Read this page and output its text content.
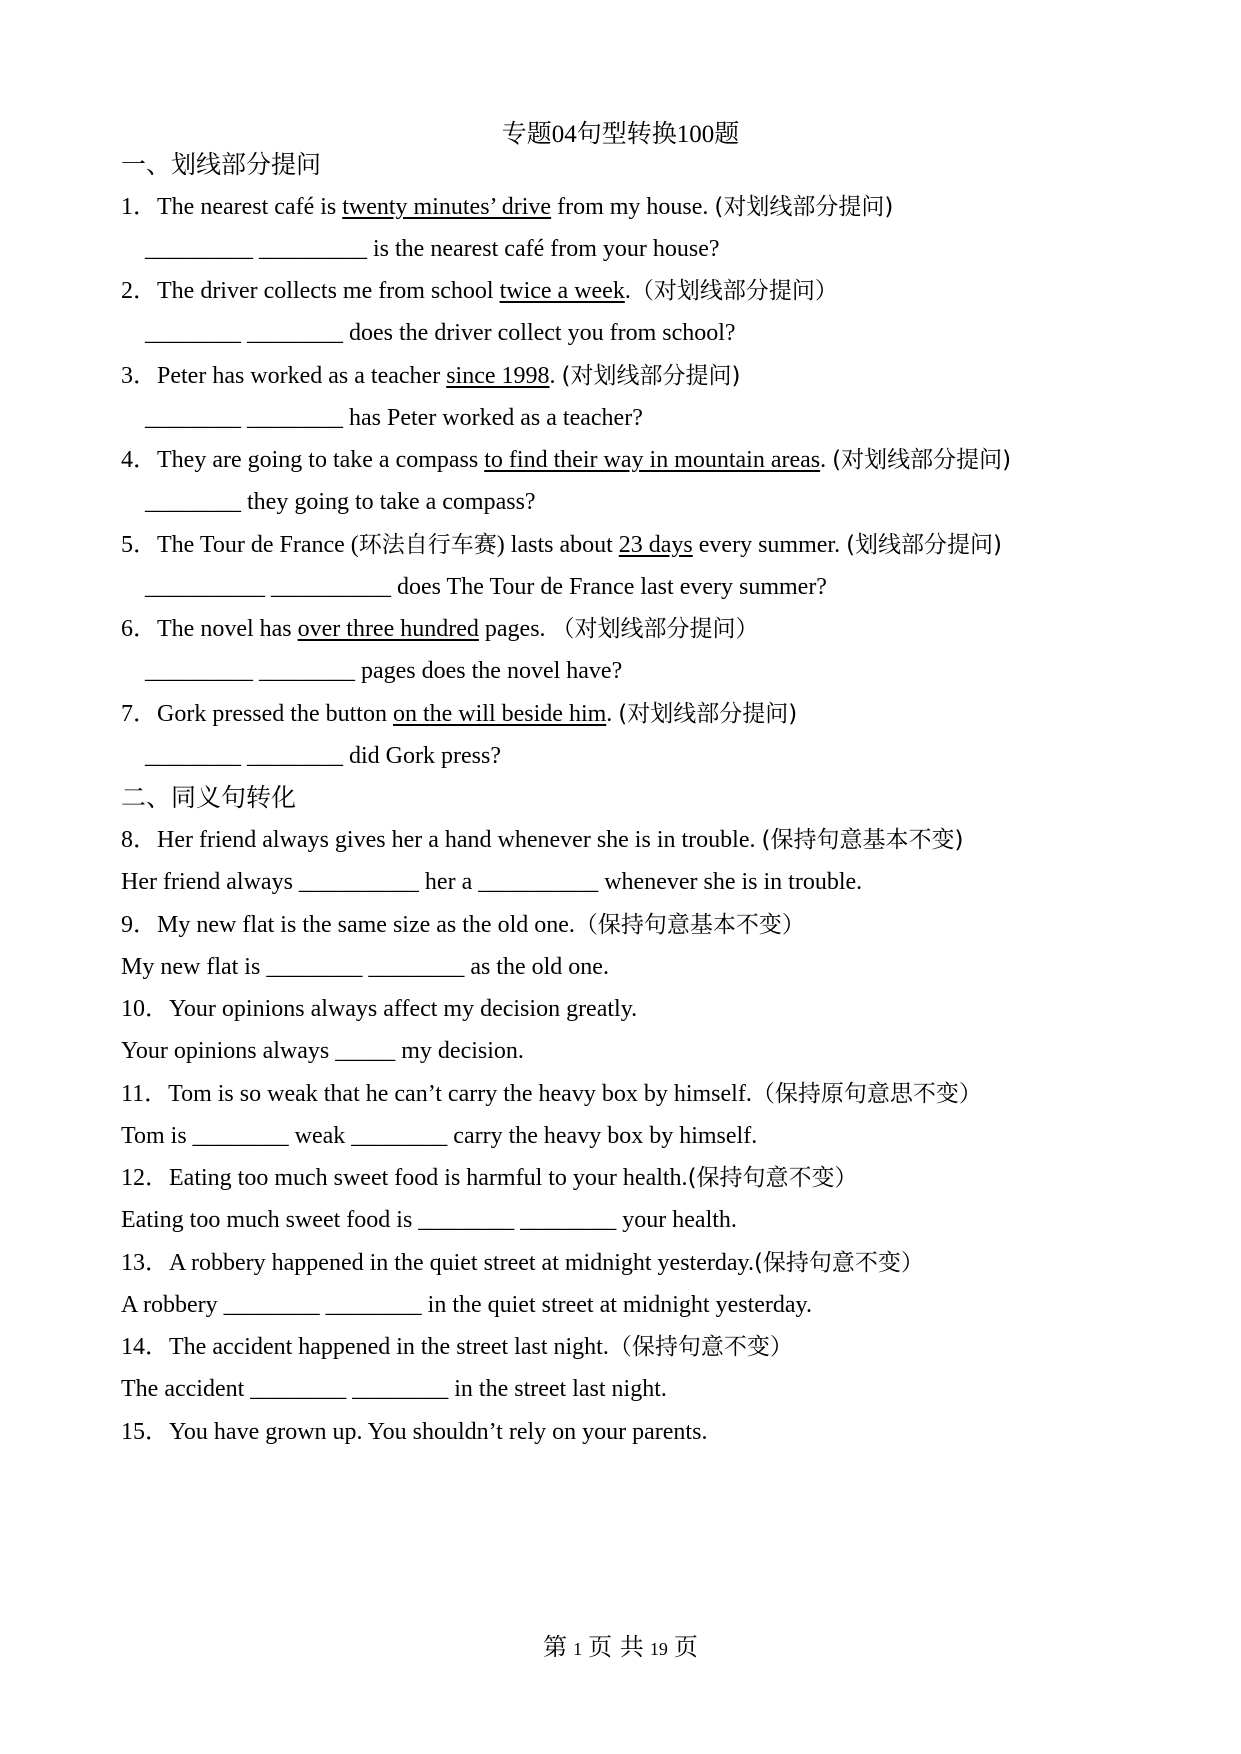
专题04句型转换100题
一、划线部分提问
1．The nearest café is twenty minutes’ drive from my house. (对划线部分提问)
_________ _________ is the nearest café from your house?
2．The driver collects me from school twice a week.（对划线部分提问）
________ ________ does the driver collect you from school?
3．Peter has worked as a teacher since 1998. (对划线部分提问)
________ ________ has Peter worked as a teacher?
4．They are going to take a compass to find their way in mountain areas. (对划线部分提问)
________ they going to take a compass?
5．The Tour de France (环法自行车赛) lasts about 23 days every summer. (划线部分提问)
__________ __________ does The Tour de France last every summer?
6．The novel has over three hundred pages. （对划线部分提问）
_________ ________ pages does the novel have?
7．Gork pressed the button on the will beside him. (对划线部分提问)
________ ________ did Gork press?
二、同义句转化
8．Her friend always gives her a hand whenever she is in trouble. (保持句意基本不变)
Her friend always __________ her a __________ whenever she is in trouble.
9．My new flat is the same size as the old one.（保持句意基本不变）
My new flat is ________ ________ as the old one.
10．Your opinions always affect my decision greatly.
Your opinions always _____ my decision.
11．Tom is so weak that he can’t carry the heavy box by himself.（保持原句意思不变）
Tom is ________ weak ________ carry the heavy box by himself.
12．Eating too much sweet food is harmful to your health.(保持句意不变）
Eating too much sweet food is ________ ________ your health.
13．A robbery happened in the quiet street at midnight yesterday.(保持句意不变）
A robbery ________ ________ in the quiet street at midnight yesterday.
14．The accident happened in the street last night.（保持句意不变）
The accident ________ ________ in the street last night.
15．You have grown up. You shouldn’t rely on your parents.
第 1 页 共 19 页
